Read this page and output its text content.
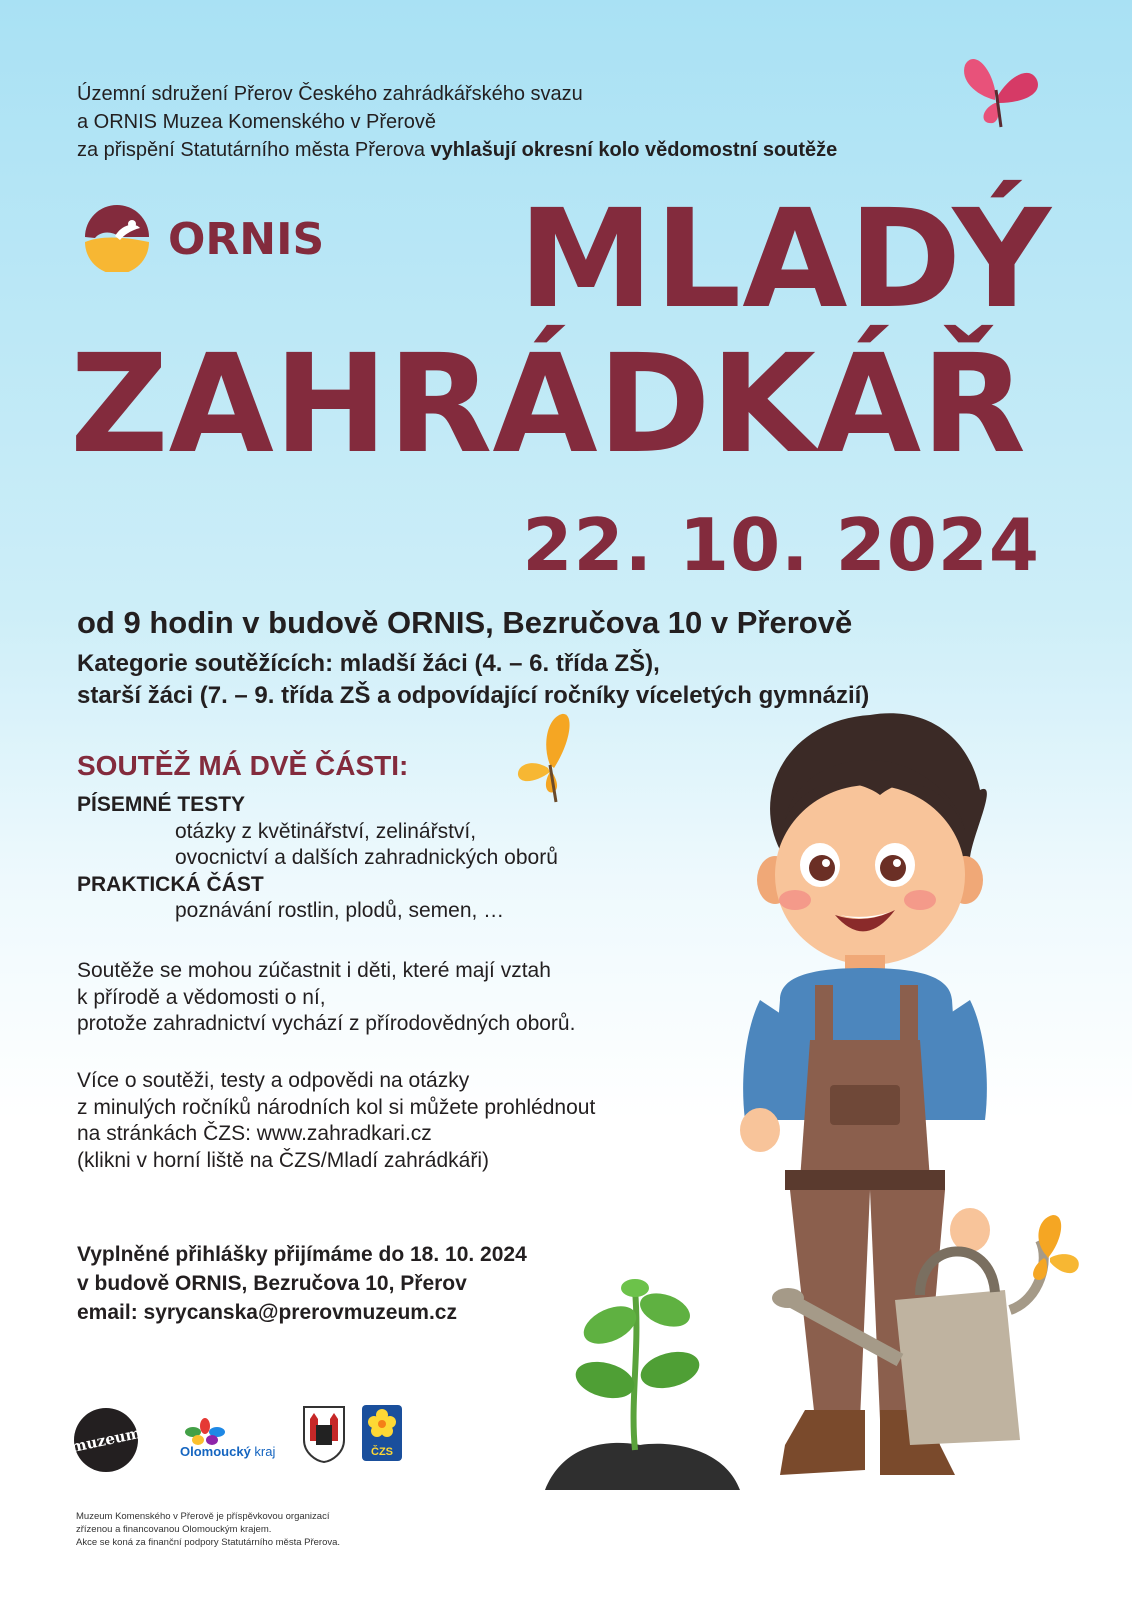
Územní sdružení Přerov Českého zahrádkářského svazu
a ORNIS Muzea Komenského v Přerově
za přispění Statutárního města Přerova vyhlašují okresní kolo vědomostní soutěže
ORNIS MLADÝ
ZAHRÁDKÁŘ
22. 10. 2024
od 9 hodin v budově ORNIS, Bezručova 10 v Přerově
Kategorie soutěžících: mladší žáci (4. – 6. třída ZŠ),
starší žáci (7. – 9. třída ZŠ a odpovídající ročníky víceletých gymnázií)
SOUTĚŽ MÁ DVĚ ČÁSTI:
PÍSEMNÉ TESTY
otázky z květinářství, zelinářství,
ovocnictví a dalších zahradnických oborů
PRAKTICKÁ ČÁST
poznávání rostlin, plodů, semen, …
Soutěže se mohou zúčastnit i děti, které mají vztah
k přírodě a vědomosti o ní,
protože zahradnictví vychází z přírodovědných oborů.
Více o soutěži, testy a odpovědi na otázky
z minulých ročníků národních kol si můžete prohlédnout
na stránkách ČZS: www.zahradkari.cz
(klikni v horní liště na ČZS/Mladí zahrádkáři)
Vyplněné přihlášky přijímáme do 18. 10. 2024
v budově ORNIS, Bezručova 10, Přerov
email: syrycanska@prerovmuzeum.cz
muzeum	Olomoucký kraj	ČZS
Muzeum Komenského v Přerově je příspěvkovou organizací
zřízenou a financovanou Olomouckým krajem.
Akce se koná za finanční podpory Statutárního města Přerova.
